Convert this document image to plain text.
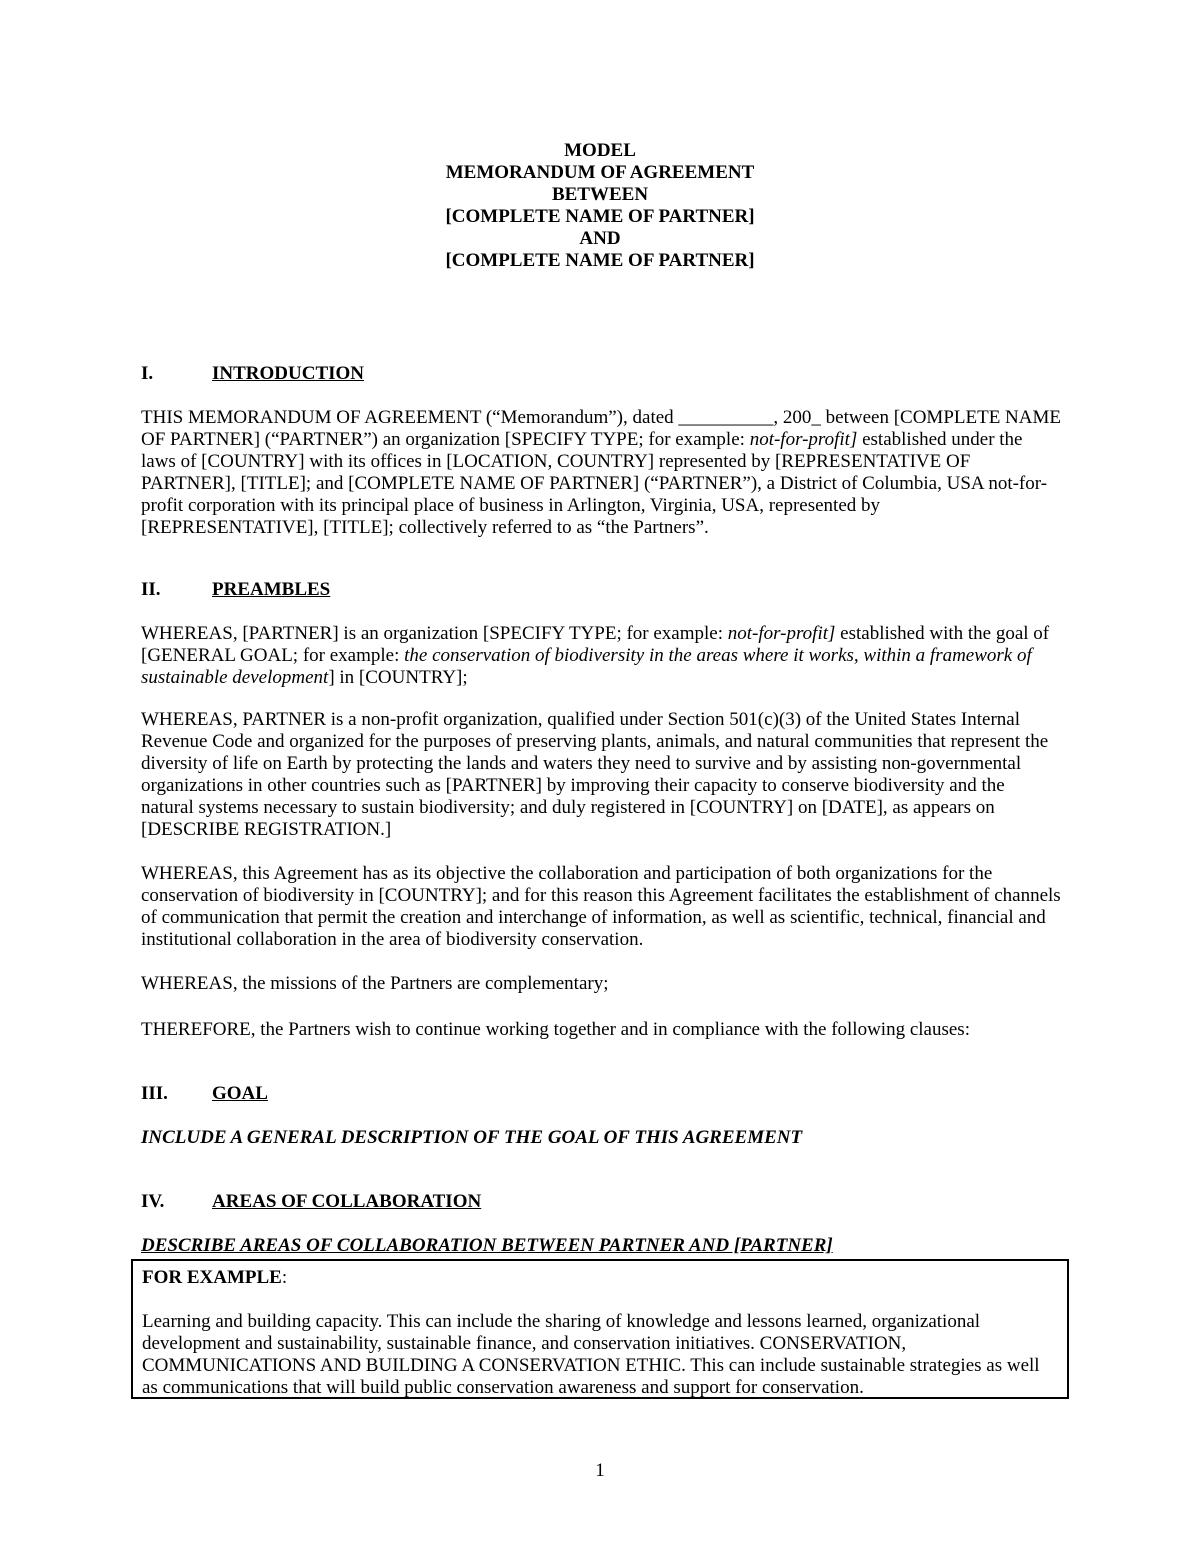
MODEL
MEMORANDUM OF AGREEMENT
BETWEEN
[COMPLETE NAME OF PARTNER]
AND
[COMPLETE NAME OF PARTNER]
I.	INTRODUCTION

THIS MEMORANDUM OF AGREEMENT (“Memorandum”), dated __________, 200_ between [COMPLETE NAME OF PARTNER] (“PARTNER”) an organization [SPECIFY TYPE; for example: not-for-profit] established under the laws of [COUNTRY] with its offices in [LOCATION, COUNTRY] represented by [REPRESENTATIVE OF PARTNER], [TITLE]; and [COMPLETE NAME OF PARTNER] (“PARTNER”), a District of Columbia, USA not-for-profit corporation with its principal place of business in Arlington, Virginia, USA, represented by [REPRESENTATIVE], [TITLE]; collectively referred to as “the Partners”.

II.	PREAMBLES

WHEREAS, [PARTNER] is an organization [SPECIFY TYPE; for example: not-for-profit] established with the goal of [GENERAL GOAL; for example: the conservation of biodiversity in the areas where it works, within a framework of sustainable development] in [COUNTRY];

WHEREAS, PARTNER is a non-profit organization, qualified under Section 501(c)(3) of the United States Internal Revenue Code and organized for the purposes of preserving plants, animals, and natural communities that represent the diversity of life on Earth by protecting the lands and waters they need to survive and by assisting non-governmental organizations in other countries such as [PARTNER] by improving their capacity to conserve biodiversity and the natural systems necessary to sustain biodiversity; and duly registered in [COUNTRY] on [DATE], as appears on [DESCRIBE REGISTRATION.]

WHEREAS, this Agreement has as its objective the collaboration and participation of both organizations for the conservation of biodiversity in [COUNTRY]; and for this reason this Agreement facilitates the establishment of channels of communication that permit the creation and interchange of information, as well as scientific, technical, financial and institutional collaboration in the area of biodiversity conservation.

WHEREAS, the missions of the Partners are complementary;

THEREFORE, the Partners wish to continue working together and in compliance with the following clauses:

III. GOAL

INCLUDE A GENERAL DESCRIPTION OF THE GOAL OF THIS AGREEMENT

IV.	AREAS OF COLLABORATION

DESCRIBE AREAS OF COLLABORATION BETWEEN PARTNER AND [PARTNER]

FOR EXAMPLE:

Learning and building capacity. This can include the sharing of knowledge and lessons learned, organizational development and sustainability, sustainable finance, and conservation initiatives. CONSERVATION, COMMUNICATIONS AND BUILDING A CONSERVATION ETHIC. This can include sustainable strategies as well as communications that will build public conservation awareness and support for conservation.

1
